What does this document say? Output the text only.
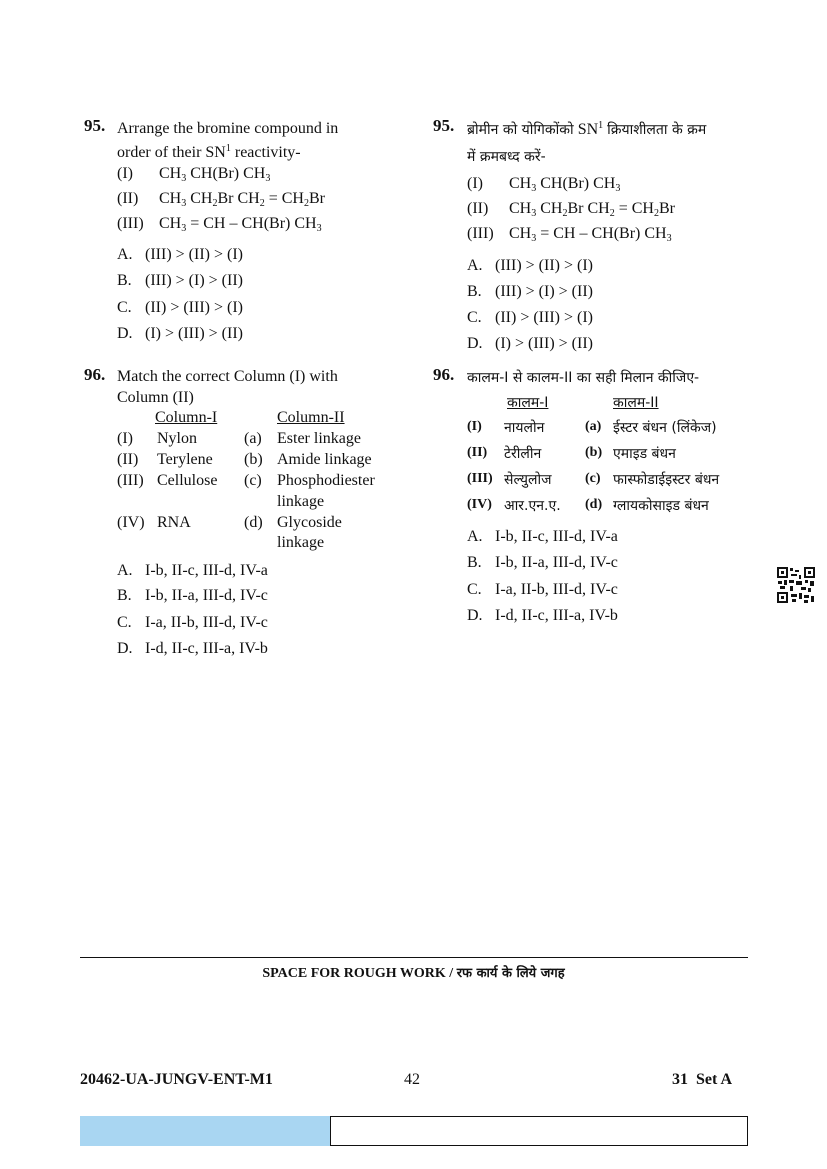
95. Arrange the bromine compound in
order of their $SN^1$ reactivity-
(I) $CH_3$ CH(Br) $CH_3$
(II) $CH_3$ $CH_2Br$ $CH_2 = CH_2Br$
(III) $CH_3$ = CH – CH(Br) $CH_3$
A. (III) > (II) > (I)
B. (III) > (I) > (II)
C. (II) > (III) > (I)
D. (I) > (III) > (II)
95. ब्रोमीन को योगिकोंको $SN^1$ क्रियाशीलता के क्रम
में क्रमबध्द करें-
(I) $CH_3$ CH(Br) $CH_3$
(II) $CH_3$ $CH_2Br$ $CH_2 = CH_2Br$
(III) $CH_3$ = CH – CH(Br) $CH_3$
A. (III) > (II) > (I)
B. (III) > (I) > (II)
C. (II) > (III) > (I)
D. (I) > (III) > (II)
96. Match the correct Column (I) with
Column (II)
Column-I	Column-II
(I) Nylon	(a) Ester linkage
(II) Terylene (b) Amide linkage
(III) Cellulose (c) Phosphodiester
linkage
(IV) RNA	(d) Glycoside
linkage
A. I-b, II-c, III-d, IV-a
B. I-b, II-a, III-d, IV-c
C. I-a, II-b, III-d, IV-c
D. I-d, II-c, III-a, IV-b
96. कालम-I से कालम-II का सही मिलान कीजिए-
कालम-I	कालम-II
(I) नायलोन	(a) ईस्टर बंधन (लिंकेज)
(II) टेरीलीन	(b) एमाइड बंधन
(III) सेल्युलोज (c) फास्फोडाईइस्टर बंधन
(IV) आर.एन.ए. (d) ग्लायकोसाइड बंधन
A. I-b, II-c, III-d, IV-a
B. I-b, II-a, III-d, IV-c
C. I-a, II-b, III-d, IV-c
D. I-d, II-c, III-a, IV-b
SPACE FOR ROUGH WORK / रफ कार्य के लिये जगह
20462-UA-JUNGV-ENT-M1	42	31 Set A
